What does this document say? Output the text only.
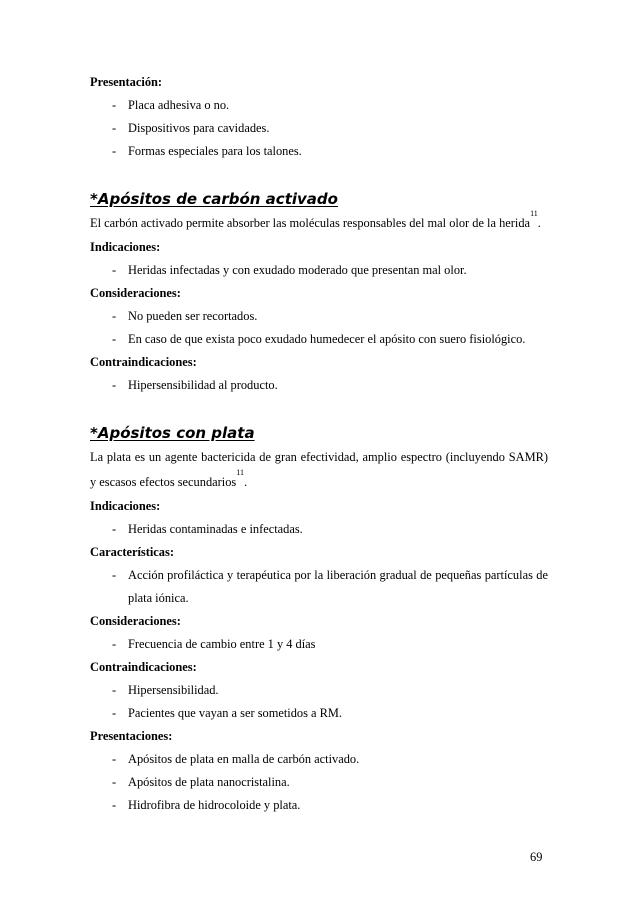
Presentación:
- Placa adhesiva o no.
- Dispositivos para cavidades.
- Formas especiales para los talones.
*Apósitos de carbón activado
El carbón activado permite absorber las moléculas responsables del mal olor de la herida$^{11}$.
Indicaciones:
- Heridas infectadas y con exudado moderado que presentan mal olor.
Consideraciones:
- No pueden ser recortados.
- En caso de que exista poco exudado humedecer el apósito con suero fisiológico.
Contraindicaciones:
- Hipersensibilidad al producto.
*Apósitos con plata
La plata es un agente bactericida de gran efectividad, amplio espectro (incluyendo SAMR) y escasos efectos secundarios$^{11}$.
Indicaciones:
- Heridas contaminadas e infectadas.
Características:
- Acción profiláctica y terapéutica por la liberación gradual de pequeñas partículas de plata iónica.
Consideraciones:
- Frecuencia de cambio entre 1 y 4 días
Contraindicaciones:
- Hipersensibilidad.
- Pacientes que vayan a ser sometidos a RM.
Presentaciones:
- Apósitos de plata en malla de carbón activado.
- Apósitos de plata nanocristalina.
- Hidrofibra de hidrocoloide y plata.
69
